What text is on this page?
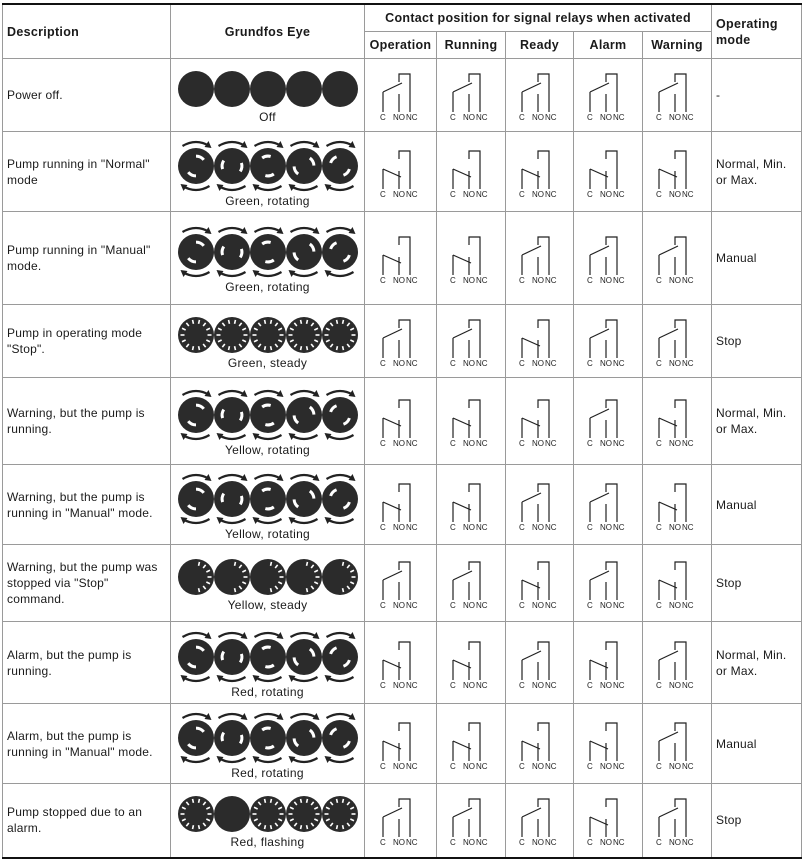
Description	Grundfos Eye	Contact position for signal relays when activated					Operating mode
		Operation	Running	Ready	Alarm	Warning	
Power off.	Off	C NO NC	C NO NC	C NO NC	C NO NC	C NO NC	-
Pump running in "Normal" mode	Green, rotating	C NO NC	C NO NC	C NO NC	C NO NC	C NO NC	Normal, Min. or Max.
Pump running in "Manual" mode.	Green, rotating	C NO NC	C NO NC	C NO NC	C NO NC	C NO NC	Manual
Pump in operating mode "Stop".	Green, steady	C NO NC	C NO NC	C NO NC	C NO NC	C NO NC	Stop
Warning, but the pump is running.	Yellow, rotating	C NO NC	C NO NC	C NO NC	C NO NC	C NO NC	Normal, Min. or Max.
Warning, but the pump is running in "Manual" mode.	Yellow, rotating	C NO NC	C NO NC	C NO NC	C NO NC	C NO NC	Manual
Warning, but the pump was stopped via "Stop" command.	Yellow, steady	C NO NC	C NO NC	C NO NC	C NO NC	C NO NC	Stop
Alarm, but the pump is running.	Red, rotating	C NO NC	C NO NC	C NO NC	C NO NC	C NO NC	Normal, Min. or Max.
Alarm, but the pump is running in "Manual" mode.	Red, rotating	C NO NC	C NO NC	C NO NC	C NO NC	C NO NC	Manual
Pump stopped due to an alarm.	Red, flashing	C NO NC	C NO NC	C NO NC	C NO NC	C NO NC	Stop
